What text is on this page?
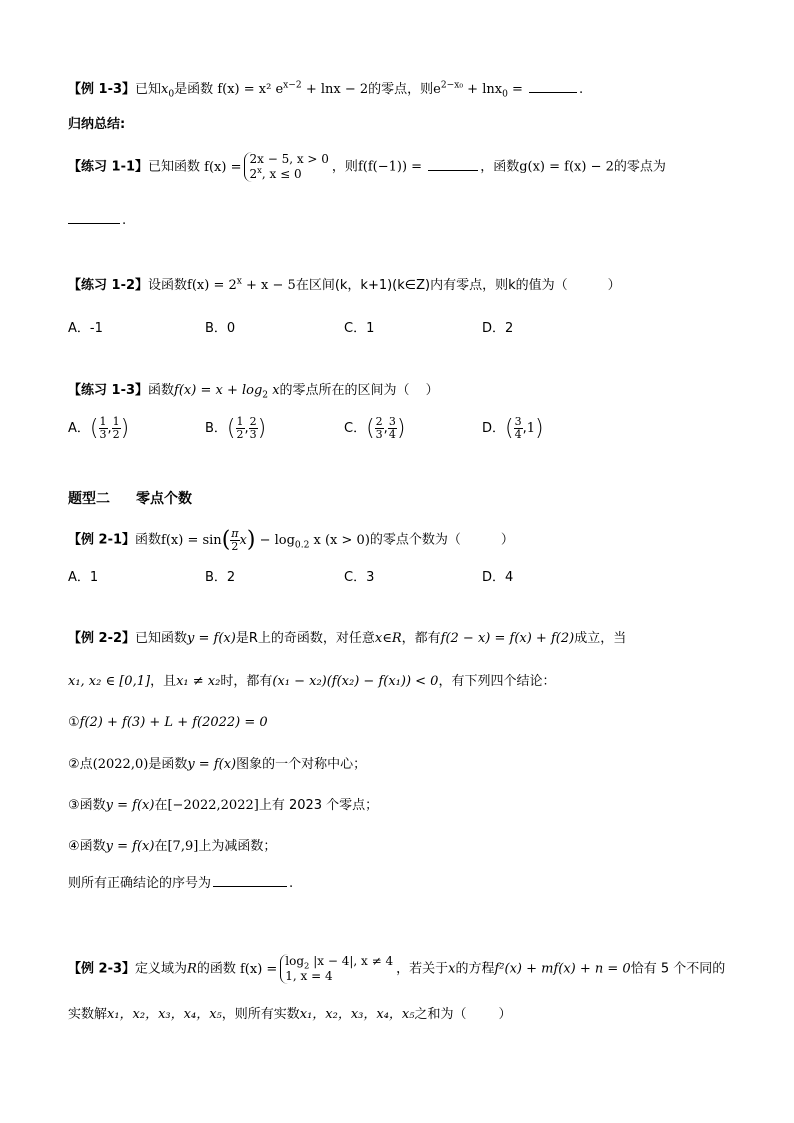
【例 1-3】已知$x_0$是函数 f(x) = x² $e^{x-2} + \ln x - 2$的零点，则$e^{2-x_0} + \ln x_0$ =	.
归纳总结:
【练习 1-1】已知函数 f(x) =
2x − 5, x > 0
2$^x$, x ≤ 0	，则f(f(−1)) =	，函数g(x) = f(x) − 2的零点为
.
【练习 1-2】设函数$f(x) = 2^x + x - 5$在区间(k，k+1)(k∈Z)内有零点，则k的值为（	）
A．-1	B．0	C．1	D．2
【练习 1-3】函数$f(x) = x + \log_2 x$的零点所在的区间为（ ）
A．( $\frac{1}{3}$ , $\frac{1}{2}$ )	B．( $\frac{1}{2}$ , $\frac{2}{3}$ )	C．( $\frac{2}{3}$ , $\frac{3}{4}$ )	D．( $\frac{3}{4} ,1$)
题型二 零点个数
【例 2-1】函数$f(x) = \sin( \frac{\pi}{2} x) - \log_{0.2} x$ (x > 0)的零点个数为（	）
A．1	B．2	C．3	D．4
【例 2-2】已知函数y = f(x)是R上的奇函数，对任意x∈R，都有f(2 − x) = f(x) + f(2)成立，当
x₁, x₂ ∈ [0,1]，且x₁ ≠ x₂时，都有(x₁ − x₂)(f(x₂) − f(x₁)) < 0，有下列四个结论：
①f(2) + f(3) + L + f(2022) = 0
②点(2022,0)是函数y = f(x)图象的一个对称中心；
③函数y = f(x)在[−2022,2022]上有 2023 个零点；
④函数y = f(x)在[7,9]上为减函数；
则所有正确结论的序号为	.
【例 2-3】定义域为R的函数 f(x) =
$\log_2 |x - 4|$, x ≠ 4
1, x = 4	，若关于x的方程f²(x) + mf(x) + n = 0恰有 5 个不同的
实数解x₁，x₂，x₃，x₄，x₅，则所有实数x₁，x₂，x₃，x₄，x₅之和为（ ）
